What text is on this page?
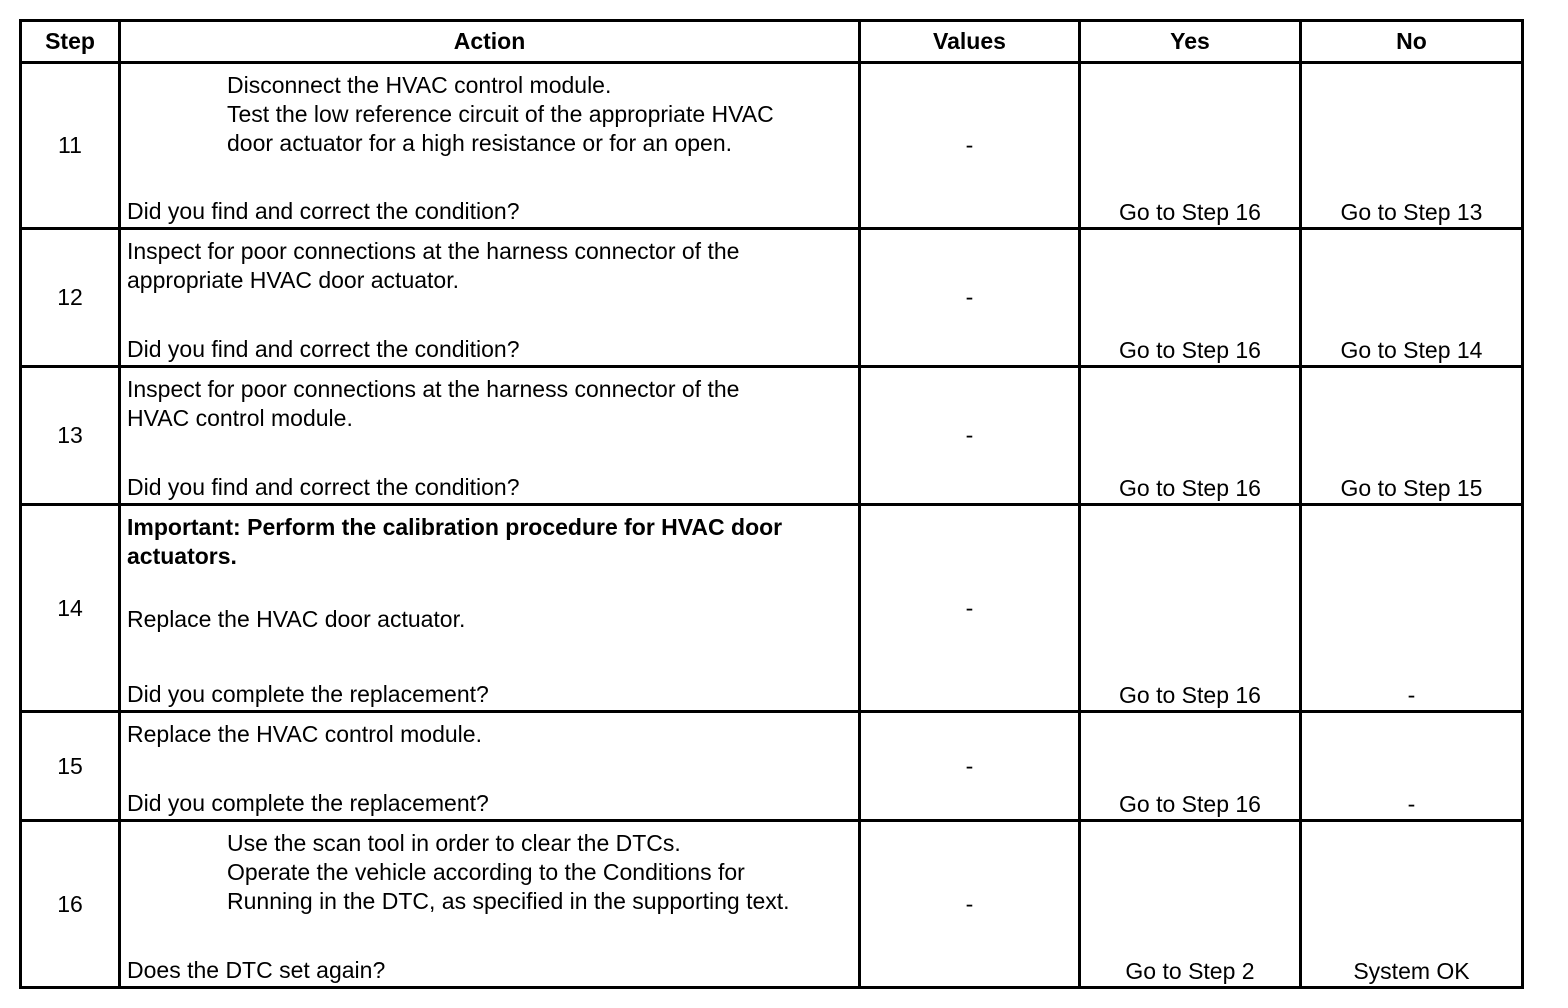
Step	Action	Values	Yes	No
11	Disconnect the HVAC control module.
Test the low reference circuit of the appropriate HVAC
door actuator for a high resistance or for an open.
Did you find and correct the condition?	-	Go to Step 16	Go to Step 13

12	Inspect for poor connections at the harness connector of the
appropriate HVAC door actuator.
Did you find and correct the condition?	-	Go to Step 16	Go to Step 14

13	Inspect for poor connections at the harness connector of the
HVAC control module.
Did you find and correct the condition?	-	Go to Step 16	Go to Step 15

14	Important: Perform the calibration procedure for HVAC door
actuators.
Replace the HVAC door actuator.
Did you complete the replacement?	-	Go to Step 16	-

15	Replace the HVAC control module.
Did you complete the replacement?	-	Go to Step 16	-

16	Use the scan tool in order to clear the DTCs.
Operate the vehicle according to the Conditions for
Running in the DTC, as specified in the supporting text.
Does the DTC set again?	-	Go to Step 2	System OK
